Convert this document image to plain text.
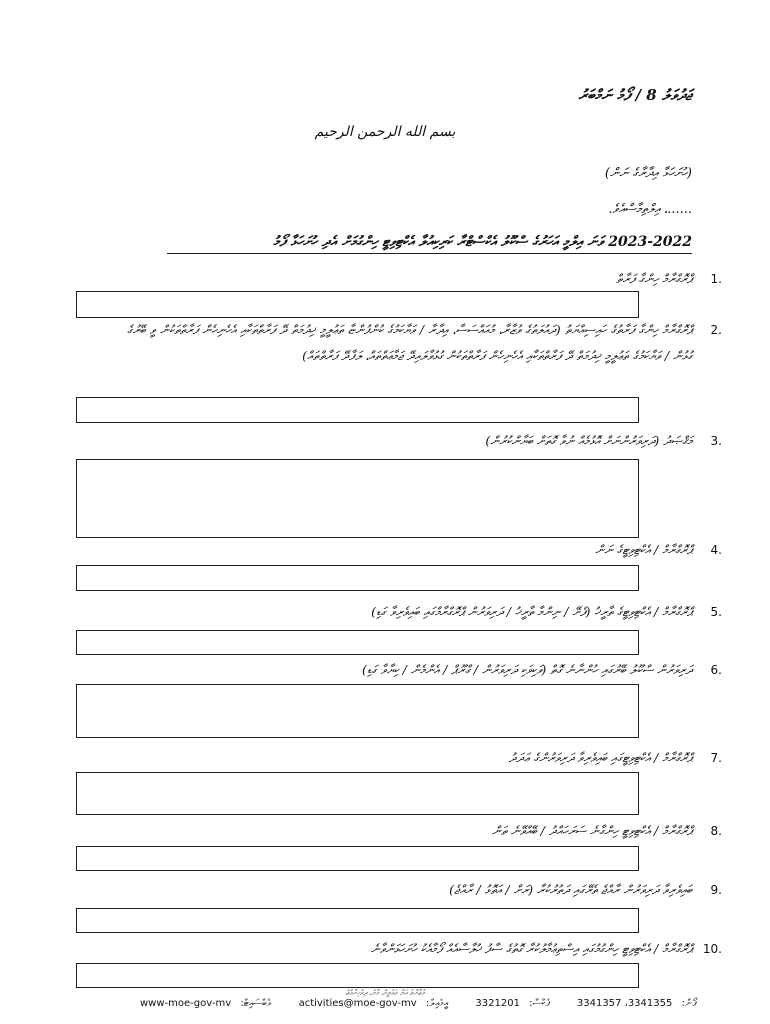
ޖަދުވަލު 8 / ފޯމު ނަމްބަރު
بسم الله الرحمن الرحيم
(ހުށަހަޅާ އިދާރާގެ ނަން)
......، އިލްތިމާސްއެވެ.
2023-2022 ވަނަ އިލްމީ އަހަރުގެ ސްކޫލު އެކްސްޓްރާ ކަރިކިއުލާ އެކްޓިވިޓީ ހިންގުމަށް އެދި ހުށަހަޅާ ފޯމު
1.
ޕްރޮގްރާމް ހިންގާ ފަރާތް
2.
ޕްރޮގްރާމް ހިންގާ ފަރާތުގެ ހައިސިއްޔަތު (ދައުލަތުގެ ވުޒާރާ، މުއައްސަސާ، އިދާރާ / ވަޔާކަމުގެ ކުންފުންޏާ ތަޢުލީމީ ޚިދުމަތް ދޭ ފަރާތްތަކާއި އެހެނިހެން ފަރާތްތަކުން ވީ ބޭރުގެ ގުޅުން / ވަޔާކަމުގެ ތަޢުލީމީ ޚިދުމަތް ދޭ ފަރާތްތަކާއި އެހެނިހެން ފަރާތްތަކުން ގުޅުވާލައިދޭ ޖަމާޢަތްތައް، ލަފާދޭ ފަރާތްތައް)
3.
މަޤްޞަދު (ދަރިވަރުންނަށް އޮޅުމެއް ނުވާ ގޮތަށް ބަޔާންކުރުން)
4.
ޕްރޮގްރާމް / އެކްޓިވިޓީގެ ނަން
5.
ޕްރޮގްރާމް / އެކްޓިވިޓީގެ ތާރީޚު (ފެށޭ / ނިންމާ ތާރީޚު / ދަރިވަރުން ޕްރޮގްރާމްގައި ބައިވެރިވާ ގަޑި)
6.
ދަރިވަރުން ސްކޫލު ބޭރުގައި ހުންނާނެ ގޮތް (ވަކިވަކި ދަރިވަރުން / ގްރޫޕް / އެންމެން / ކިޔާވާ ގަޑި)
7.
ޕްރޮގްރާމް / އެކްޓިވިޓީގައި ބައިވެރިވާ ދަރިވަރުންގެ ޢަދަދު
8.
ޕްރޮގްރާމް / އެކްޓިވިޓީ ހިންގާނެ ސަރަހައްދު / ބޭއްވޭނެ ތަން
9.
ބައިވެރިވާ ދަރިވަރުން ރާއްޖެ ތެރޭގައި ދަތުރުކުރާ (ރަށް / އަތޮޅު / ރާއްޖެ)
10.
ޕްރޮގްރާމް / އެކްޓިވިޓީ ހިންގުމުގައި އިސްތިޢުމާލުކުރާ ގޮތުގެ ސާފު ޚުލާސާއެއް ފޯމާއެކު ހުށަހަޅަންވާނެ
ވުޒާރާތު އަލް ތަޢުލީމް، މާލެ، ދިވެހިރާއްޖެ
www-moe-gov-mv ވެބްސައިޓް:	activities@moe-gov-mv އީމެއިލް:	3321201 ފެކްސް:	3341357 ،3341355 ފޯން:
